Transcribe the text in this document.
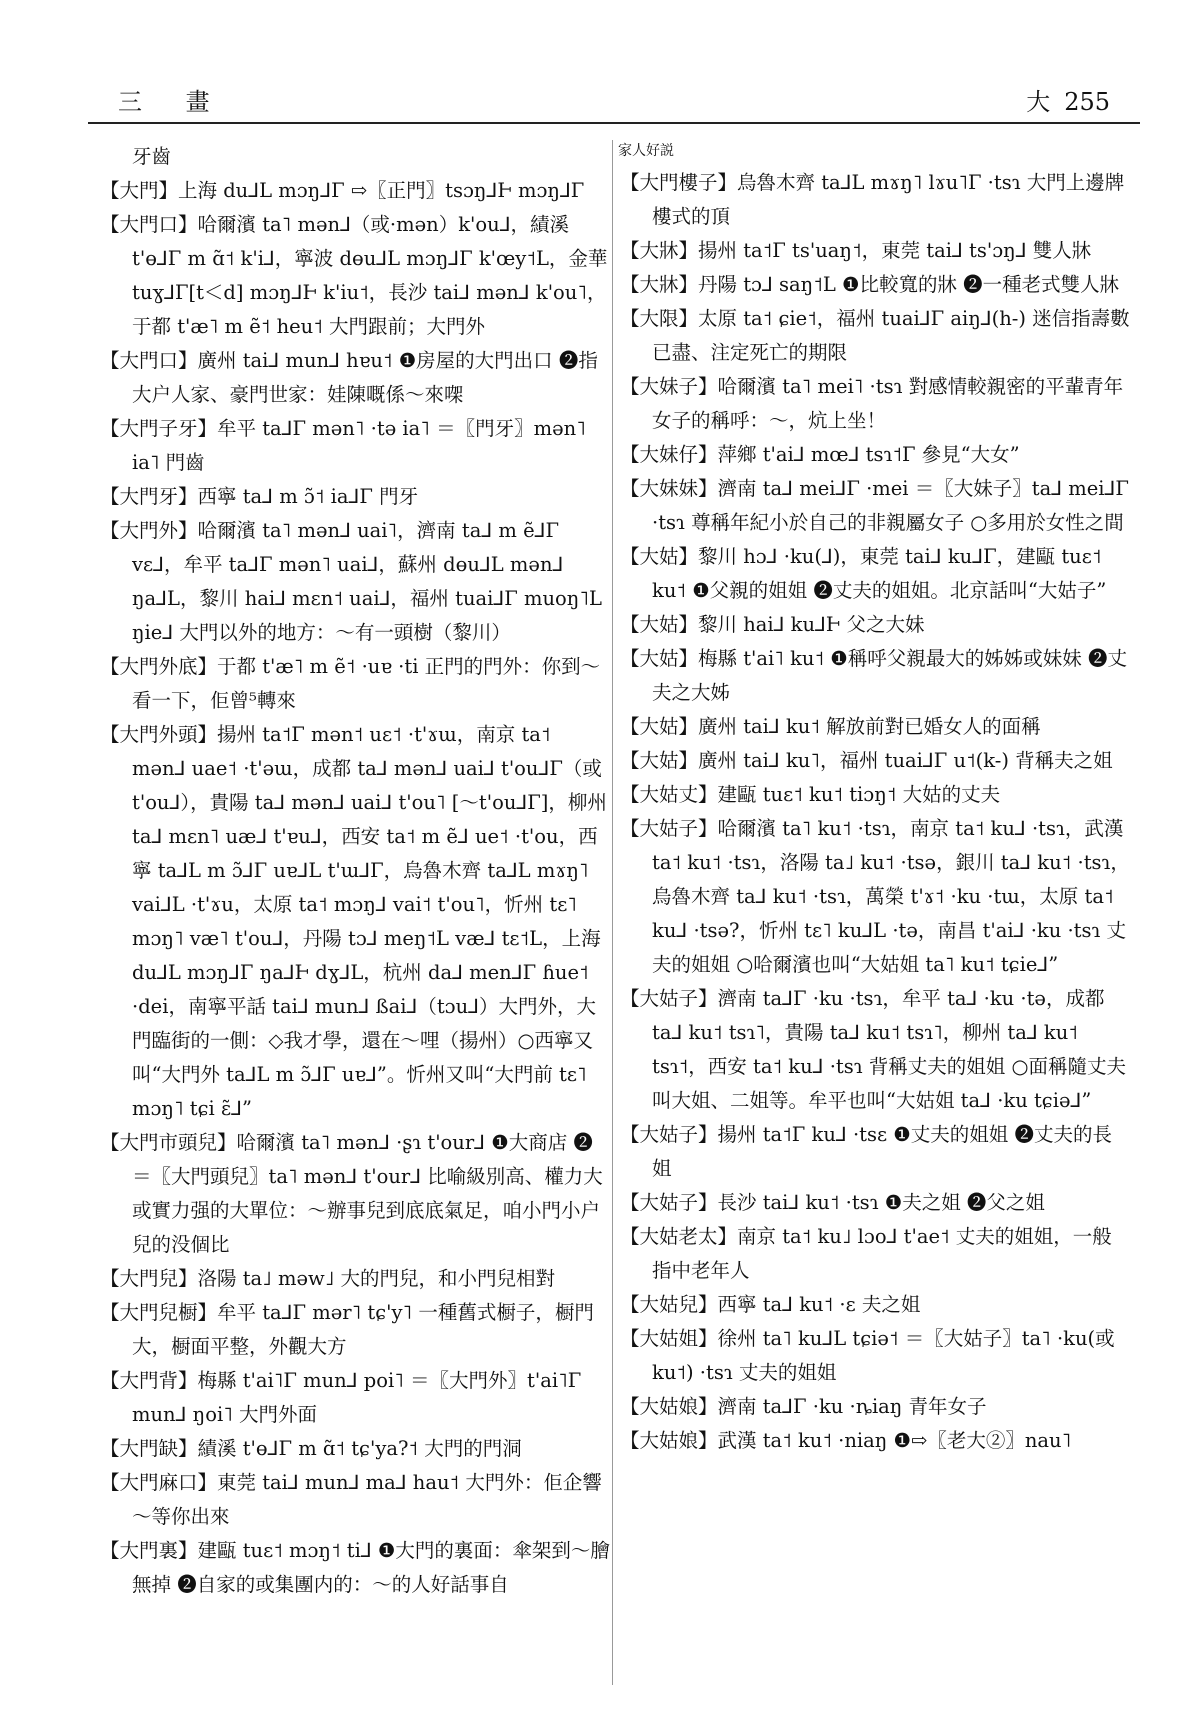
三 畫	大 255

牙齒

【大門】上海 du⅃L mɔŋ⅃Γ ⇨〖正門〗tsɔŋ⅃Ͱ mɔŋ⅃Γ

【大門口】哈爾濱 ta˥ mən⅃（或·mən）k'ou⅃，績溪 t'ɵ⅃Γ m ɑ̃˦ k'i⅃，寧波 dɵu⅃L mɔŋ⅃Γ k'œy˦L，金華 tuɣ⅃Γ[t＜d] mɔŋ⅃Ͱ k'iu˦，長沙 tai⅃ mən⅃ k'ou˥，于都 t'æ˥ m ẽ˦ heu˦ 大門跟前；大門外

【大門口】廣州 tai⅃ mun⅃ hɐu˦ ❶房屋的大門出口 ❷指大户人家、豪門世家：娃陳嘅係～來㗎

【大門子牙】牟平 ta⅃Γ mən˥ ·tə ia˥ ＝〖門牙〗mən˥ ia˥ 門齒

【大門牙】西寧 ta⅃ m ɔ̃˦ ia⅃Γ 門牙

【大門外】哈爾濱 ta˥ mən⅃ uai˥，濟南 ta⅃ m ẽ⅃Γ vɛ⅃，牟平 ta⅃Γ mən˥ uai⅃，蘇州 dɵu⅃L mən⅃ ŋa⅃L，黎川 hai⅃ mɛn˦ uai⅃，福州 tuai⅃Γ muoŋ˥L ŋie⅃ 大門以外的地方：～有一頭樹（黎川）

【大門外底】于都 t'æ˥ m ẽ˦ ·uɐ ·ti 正門的門外：你到～看一下，佢曾⁵轉來

【大門外頭】揚州 ta˦Γ mən˦ uɛ˦ ·t'ɤɯ，南京 ta˦ mən⅃ uae˦ ·t'əɯ，成都 ta⅃ mən⅃ uai⅃ t'ou⅃Γ（或 t'ou⅃），貴陽 ta⅃ mən⅃ uai⅃ t'ou˥ [～t'ou⅃Γ]，柳州 ta⅃ mɛn˥ uæ⅃ t'ɐu⅃，西安 ta˦ m ẽ⅃ ue˦ ·t'ou，西寧 ta⅃L m ɔ̃⅃Γ uɐ⅃L t'ɯ⅃Γ，烏魯木齊 ta⅃L mɤŋ˥ vai⅃L ·t'ɤu，太原 ta˦ mɔŋ⅃ vai˦ t'ou˥，忻州 tɛ˥ mɔŋ˥ væ˥ t'ou⅃，丹陽 tɔ⅃ meŋ˦L væ⅃ tɛ˦L，上海 du⅃L mɔŋ⅃Γ ŋa⅃Ͱ dɣ⅃L，杭州 da⅃ men⅃Γ ɦue˦ ·dei，南寧平話 tai⅃ mun⅃ ßai⅃（tɔu⅃）大門外，大門臨街的一側：◇我才學，還在～哩（揚州）○西寧又叫“大門外 ta⅃L m ɔ̃⅃Γ uɐ⅃”。忻州又叫“大門前 tɛ˥ mɔŋ˥ tɕi ɛ̃⅃”

【大門市頭兒】哈爾濱 ta˥ mən⅃ ·ʂɿ t'our⅃ ❶大商店 ❷＝〖大門頭兒〗ta˥ mən⅃ t'our⅃ 比喻級別高、權力大或實力强的大單位：～辦事兒到底底氣足，咱小門小户兒的没個比

【大門兒】洛陽 ta˩ məw˩ 大的門兒，和小門兒相對

【大門兒橱】牟平 ta⅃Γ mər˥ tɕ'y˥ 一種舊式橱子，橱門大，橱面平整，外觀大方

【大門背】梅縣 t'ai˥Γ mun⅃ poi˥ ＝〖大門外〗t'ai˥Γ mun⅃ ŋoi˥ 大門外面

【大門缺】績溪 t'ɵ⅃Γ m ɑ̃˦ tɕ'ya?˦ 大門的門洞

【大門麻口】東莞 tai⅃ mun⅃ ma⅃ hau˦ 大門外：佢企響～等你出來

【大門裏】建甌 tuɛ˦ mɔŋ˦ ti⅃ ❶大門的裏面：傘架到～膾無掉 ❷自家的或集團内的：～的人好話事自

家人好説

【大門樓子】烏魯木齊 ta⅃L mɤŋ˥ lɤu˥Γ ·tsɿ 大門上邊牌樓式的頂

【大牀】揚州 ta˦Γ ts'uaŋ˦，東莞 tai⅃ ts'ɔŋ⅃ 雙人牀

【大牀】丹陽 tɔ⅃ saŋ˦L ❶比較寬的牀 ❷一種老式雙人牀

【大限】太原 ta˦ ɕie˦，福州 tuai⅃Γ aiŋ⅃(h-) 迷信指壽數已盡、注定死亡的期限

【大妹子】哈爾濱 ta˥ mei˥ ·tsɿ 對感情較親密的平輩青年女子的稱呼：～，炕上坐！

【大妹仔】萍鄉 t'ai⅃ mœ⅃ tsɿ˦Γ 參見“大女”

【大妹妹】濟南 ta⅃ mei⅃Γ ·mei ＝〖大妹子〗ta⅃ mei⅃Γ ·tsɿ 尊稱年紀小於自己的非親屬女子 ○多用於女性之間

【大姑】黎川 hɔ⅃ ·ku(⅃)，東莞 tai⅃ ku⅃Γ，建甌 tuɛ˦ ku˦ ❶父親的姐姐 ❷丈夫的姐姐。北京話叫“大姑子”

【大姑】黎川 hai⅃ ku⅃Ͱ 父之大妹

【大姑】梅縣 t'ai˥ ku˦ ❶稱呼父親最大的姊姊或妹妹 ❷丈夫之大姊

【大姑】廣州 tai⅃ ku˦ 解放前對已婚女人的面稱

【大姑】廣州 tai⅃ ku˥，福州 tuai⅃Γ u˦(k-) 背稱夫之姐

【大姑丈】建甌 tuɛ˦ ku˦ tiɔŋ˦ 大姑的丈夫

【大姑子】哈爾濱 ta˥ ku˦ ·tsɿ，南京 ta˦ ku⅃ ·tsɿ，武漢 ta˦ ku˦ ·tsɿ，洛陽 ta˩ ku˦ ·tsə，銀川 ta⅃ ku˦ ·tsɿ，烏魯木齊 ta⅃ ku˦ ·tsɿ，萬榮 t'ɤ˦ ·ku ·tɯ，太原 ta˦ ku⅃ ·tsə?，忻州 tɛ˥ ku⅃L ·tə，南昌 t'ai⅃ ·ku ·tsɿ 丈夫的姐姐 ○哈爾濱也叫“大姑姐 ta˥ ku˦ tɕie⅃”

【大姑子】濟南 ta⅃Γ ·ku ·tsɿ，牟平 ta⅃ ·ku ·tə，成都 ta⅃ ku˦ tsɿ˥，貴陽 ta⅃ ku˦ tsɿ˥，柳州 ta⅃ ku˦ tsɿ˦，西安 ta˦ ku⅃ ·tsɿ 背稱丈夫的姐姐 ○面稱隨丈夫叫大姐、二姐等。牟平也叫“大姑姐 ta⅃ ·ku tɕiə⅃”

【大姑子】揚州 ta˦Γ ku⅃ ·tsɛ ❶丈夫的姐姐 ❷丈夫的長姐

【大姑子】長沙 tai⅃ ku˦ ·tsɿ ❶夫之姐 ❷父之姐

【大姑老太】南京 ta˦ ku˩ lɔo⅃ t'ae˦ 丈夫的姐姐，一般指中老年人

【大姑兒】西寧 ta⅃ ku˦ ·ɛ 夫之姐

【大姑姐】徐州 ta˥ ku⅃L tɕiə˦ ＝〖大姑子〗ta˥ ·ku(或ku˦) ·tsɿ 丈夫的姐姐

【大姑娘】濟南 ta⅃Γ ·ku ·ȵiaŋ 青年女子

【大姑娘】武漢 ta˦ ku˦ ·niaŋ ❶⇨〖老大②〗nau˥
